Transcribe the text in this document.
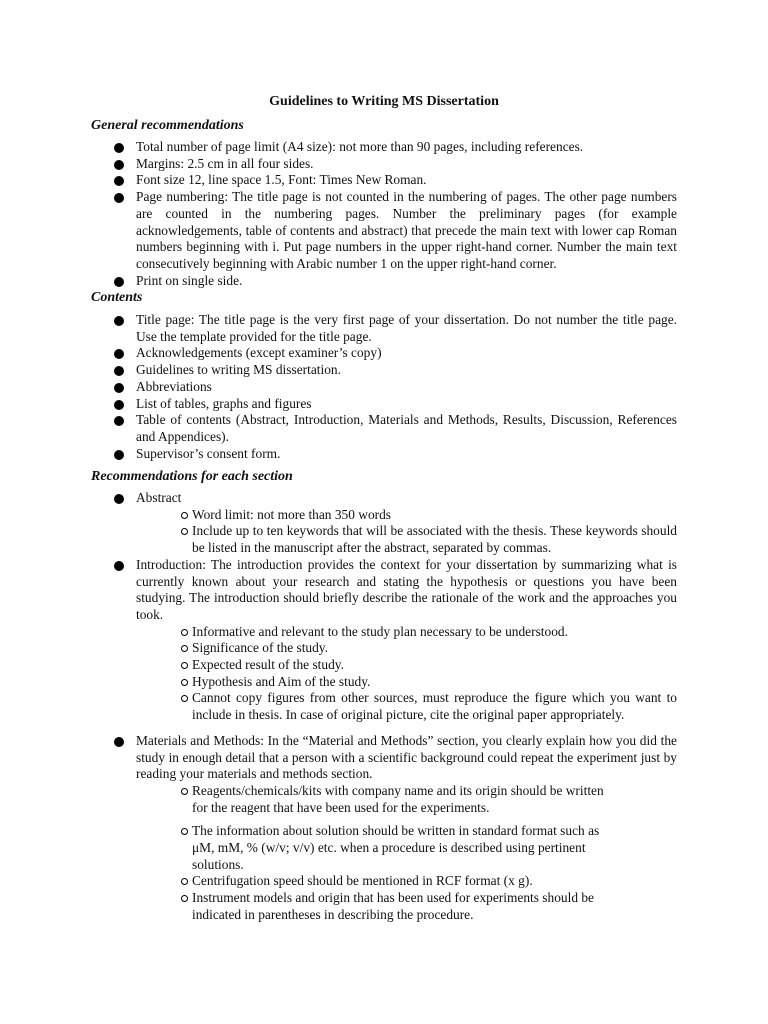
Guidelines to Writing MS Dissertation
General recommendations
Total number of page limit (A4 size): not more than 90 pages, including references.
Margins: 2.5 cm in all four sides.
Font size 12, line space 1.5, Font: Times New Roman.
Page numbering: The title page is not counted in the numbering of pages. The other page numbers are counted in the numbering pages. Number the preliminary pages (for example acknowledgements, table of contents and abstract) that precede the main text with lower cap Roman numbers beginning with i. Put page numbers in the upper right-hand corner. Number the main text consecutively beginning with Arabic number 1 on the upper right-hand corner.
Print on single side.
Contents
Title page: The title page is the very first page of your dissertation. Do not number the title page. Use the template provided for the title page.
Acknowledgements (except examiner’s copy)
Guidelines to writing MS dissertation.
Abbreviations
List of tables, graphs and figures
Table of contents (Abstract, Introduction, Materials and Methods, Results, Discussion, References and Appendices).
Supervisor’s consent form.
Recommendations for each section
Abstract
Word limit: not more than 350 words
Include up to ten keywords that will be associated with the thesis. These keywords should be listed in the manuscript after the abstract, separated by commas.
Introduction: The introduction provides the context for your dissertation by summarizing what is currently known about your research and stating the hypothesis or questions you have been studying. The introduction should briefly describe the rationale of the work and the approaches you took.
Informative and relevant to the study plan necessary to be understood.
Significance of the study.
Expected result of the study.
Hypothesis and Aim of the study.
Cannot copy figures from other sources, must reproduce the figure which you want to include in thesis. In case of original picture, cite the original paper appropriately.
Materials and Methods: In the “Material and Methods” section, you clearly explain how you did the study in enough detail that a person with a scientific background could repeat the experiment just by reading your materials and methods section.
Reagents/chemicals/kits with company name and its origin should be written for the reagent that have been used for the experiments.
The information about solution should be written in standard format such as μM, mM, % (w/v; v/v) etc. when a procedure is described using pertinent solutions.
Centrifugation speed should be mentioned in RCF format (x g).
Instrument models and origin that has been used for experiments should be indicated in parentheses in describing the procedure.
